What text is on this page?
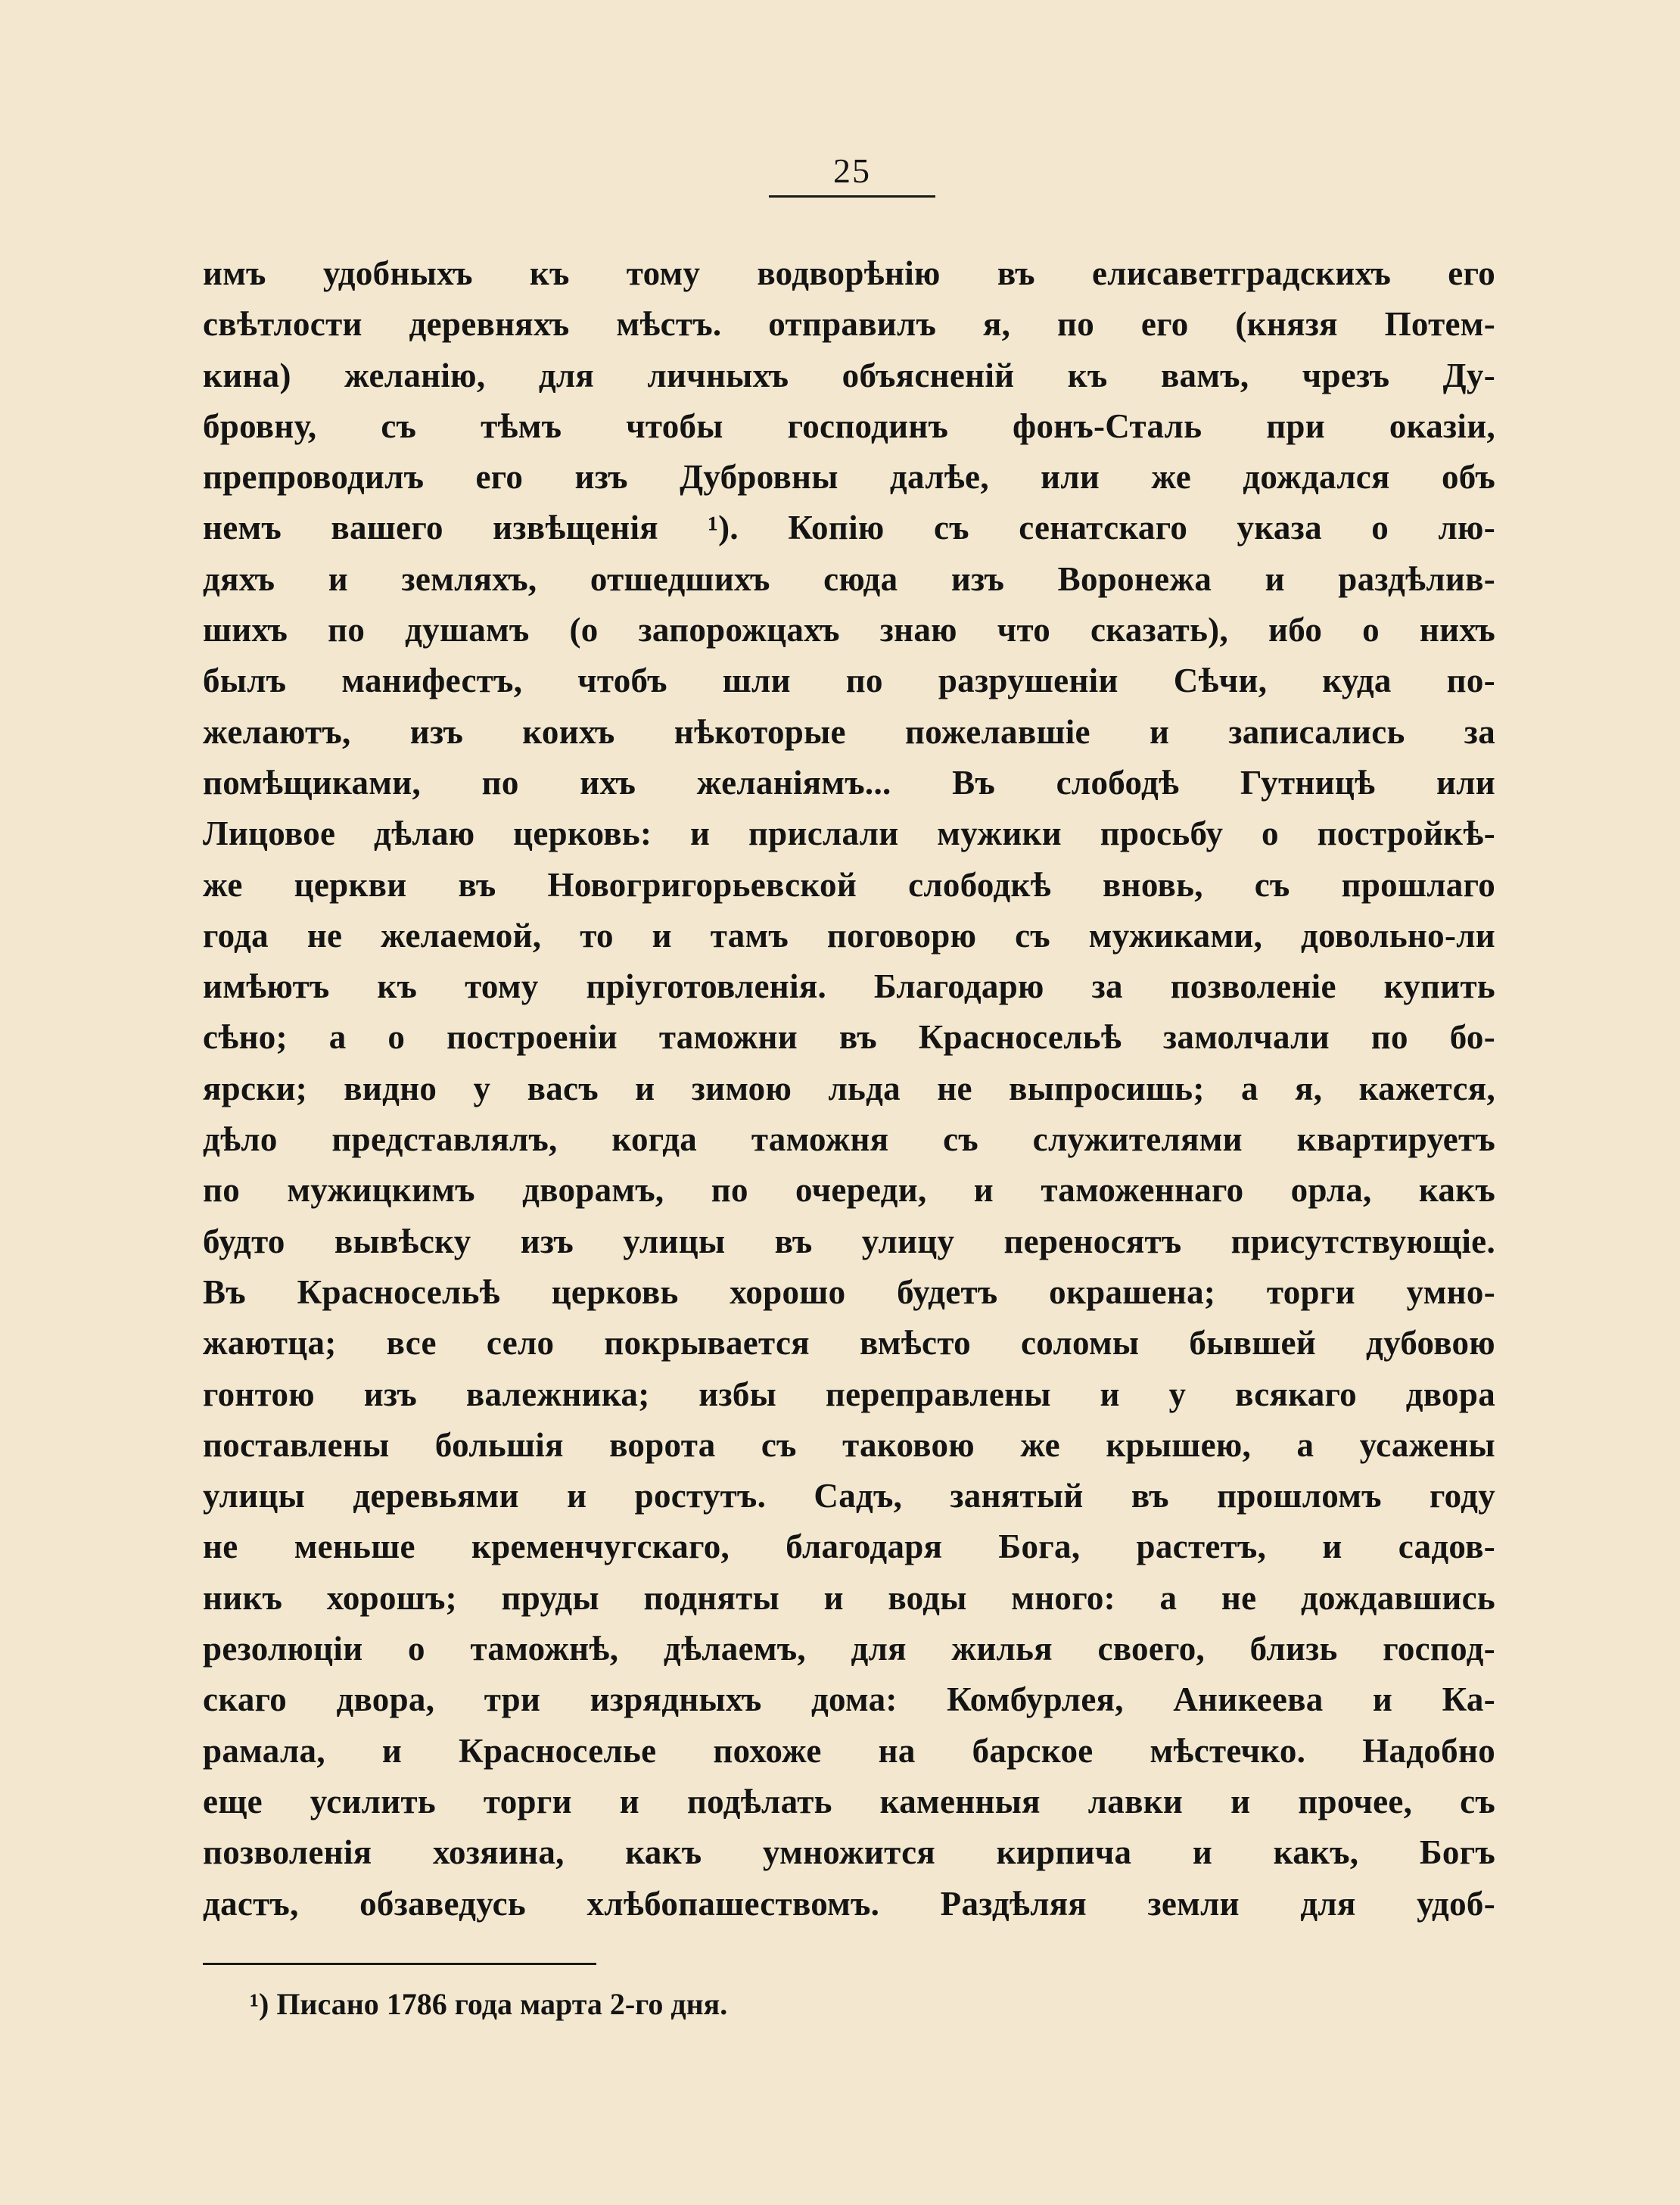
25
имъ удобныхъ къ тому водворѣнію въ елисаветградскихъ его
свѣтлости деревняхъ мѣстъ. отправилъ я, по его (князя Потем-
кина) желанію, для личныхъ объясненій къ вамъ, чрезъ Ду-
бровну, съ тѣмъ чтобы господинъ фонъ-Сталь при оказіи,
препроводилъ его изъ Дубровны далѣе, или же дождался объ
немъ вашего извѣщенія ¹). Копію съ сенатскаго указа о лю-
дяхъ и земляхъ, отшедшихъ сюда изъ Воронежа и раздѣлив-
шихъ по душамъ (о запорожцахъ знаю что сказать), ибо о нихъ
былъ манифестъ, чтобъ шли по разрушеніи Сѣчи, куда по-
желаютъ, изъ коихъ нѣкоторые пожелавшіе и записались за
помѣщиками, по ихъ желаніямъ... Въ слободѣ Гутницѣ или
Лицовое дѣлаю церковь: и прислали мужики просьбу о постройкѣ-
же церкви въ Новогригорьевской слободкѣ вновь, съ прошлаго
года не желаемой, то и тамъ поговорю съ мужиками, довольно-ли
имѣютъ къ тому пріуготовленія. Благодарю за позволеніе купить
сѣно; а о построеніи таможни въ Красносельѣ замолчали по бо-
ярски; видно у васъ и зимою льда не выпросишь; а я, кажется,
дѣло представлялъ, когда таможня съ служителями квартируетъ
по мужицкимъ дворамъ, по очереди, и таможеннаго орла, какъ
будто вывѣску изъ улицы въ улицу переносятъ присутствующіе.
Въ Красносельѣ церковь хорошо будетъ окрашена; торги умно-
жаютца; все село покрывается вмѣсто соломы бывшей дубовою
гонтою изъ валежника; избы переправлены и у всякаго двора
поставлены большія ворота съ таковою же крышею, а усажены
улицы деревьями и ростутъ. Садъ, занятый въ прошломъ году
не меньше кременчугскаго, благодаря Бога, растетъ, и садов-
никъ хорошъ; пруды подняты и воды много: а не дождавшись
резолюціи о таможнѣ, дѣлаемъ, для жилья своего, близь господ-
скаго двора, три изрядныхъ дома: Комбурлея, Аникеева и Ка-
рамала, и Красноселье похоже на барское мѣстечко. Надобно
еще усилить торги и подѣлать каменныя лавки и прочее, съ
позволенія хозяина, какъ умножится кирпича и какъ, Богъ
дастъ, обзаведусь хлѣбопашествомъ. Раздѣляя земли для удоб-
¹) Писано 1786 года марта 2-го дня.
